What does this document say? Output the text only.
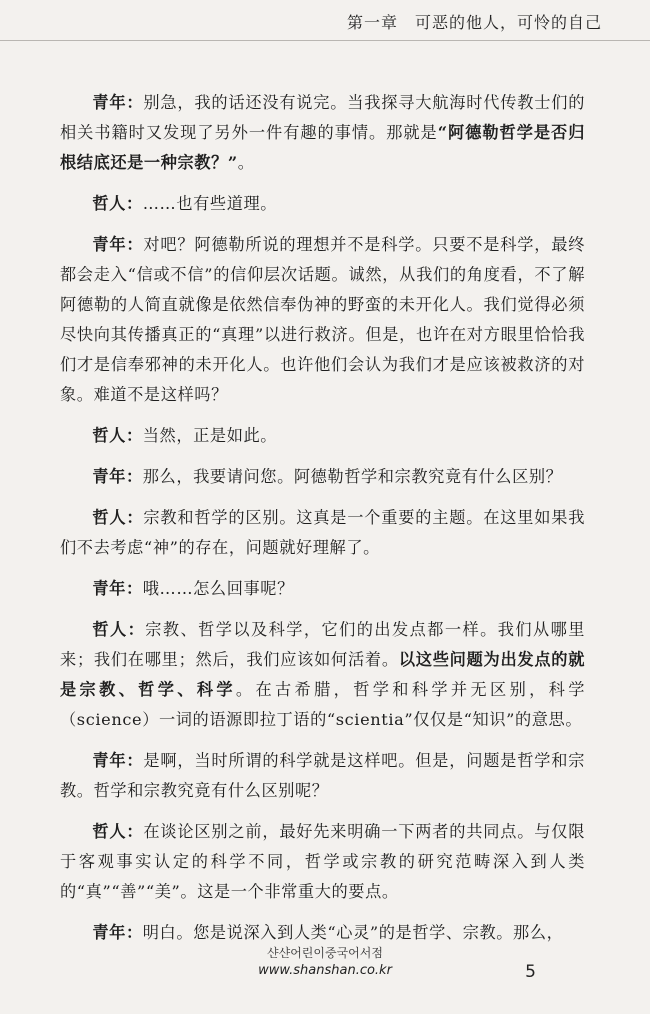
第一章　可恶的他人，可怜的自己

青年：别急，我的话还没有说完。当我探寻大航海时代传教士们的相关书籍时又发现了另外一件有趣的事情。那就是“阿德勒哲学是否归根结底还是一种宗教？”。

哲人：……也有些道理。

青年：对吧？阿德勒所说的理想并不是科学。只要不是科学，最终都会走入“信或不信”的信仰层次话题。诚然，从我们的角度看，不了解阿德勒的人简直就像是依然信奉伪神的野蛮的未开化人。我们觉得必须尽快向其传播真正的“真理”以进行救济。但是，也许在对方眼里恰恰我们才是信奉邪神的未开化人。也许他们会认为我们才是应该被救济的对象。难道不是这样吗？

哲人：当然，正是如此。

青年：那么，我要请问您。阿德勒哲学和宗教究竟有什么区别？

哲人：宗教和哲学的区别。这真是一个重要的主题。在这里如果我们不去考虑“神”的存在，问题就好理解了。

青年：哦……怎么回事呢？

哲人：宗教、哲学以及科学，它们的出发点都一样。我们从哪里来；我们在哪里；然后，我们应该如何活着。以这些问题为出发点的就是宗教、哲学、科学。在古希腊，哲学和科学并无区别，科学（science）一词的语源即拉丁语的“scientia”仅仅是“知识”的意思。

青年：是啊，当时所谓的科学就是这样吧。但是，问题是哲学和宗教。哲学和宗教究竟有什么区别呢？

哲人：在谈论区别之前，最好先来明确一下两者的共同点。与仅限于客观事实认定的科学不同，哲学或宗教的研究范畴深入到人类的“真”“善”“美”。这是一个非常重大的要点。

青年：明白。您是说深入到人类“心灵”的是哲学、宗教。那么，

샨샨어린이중국어서점
www.shanshan.co.kr	5
